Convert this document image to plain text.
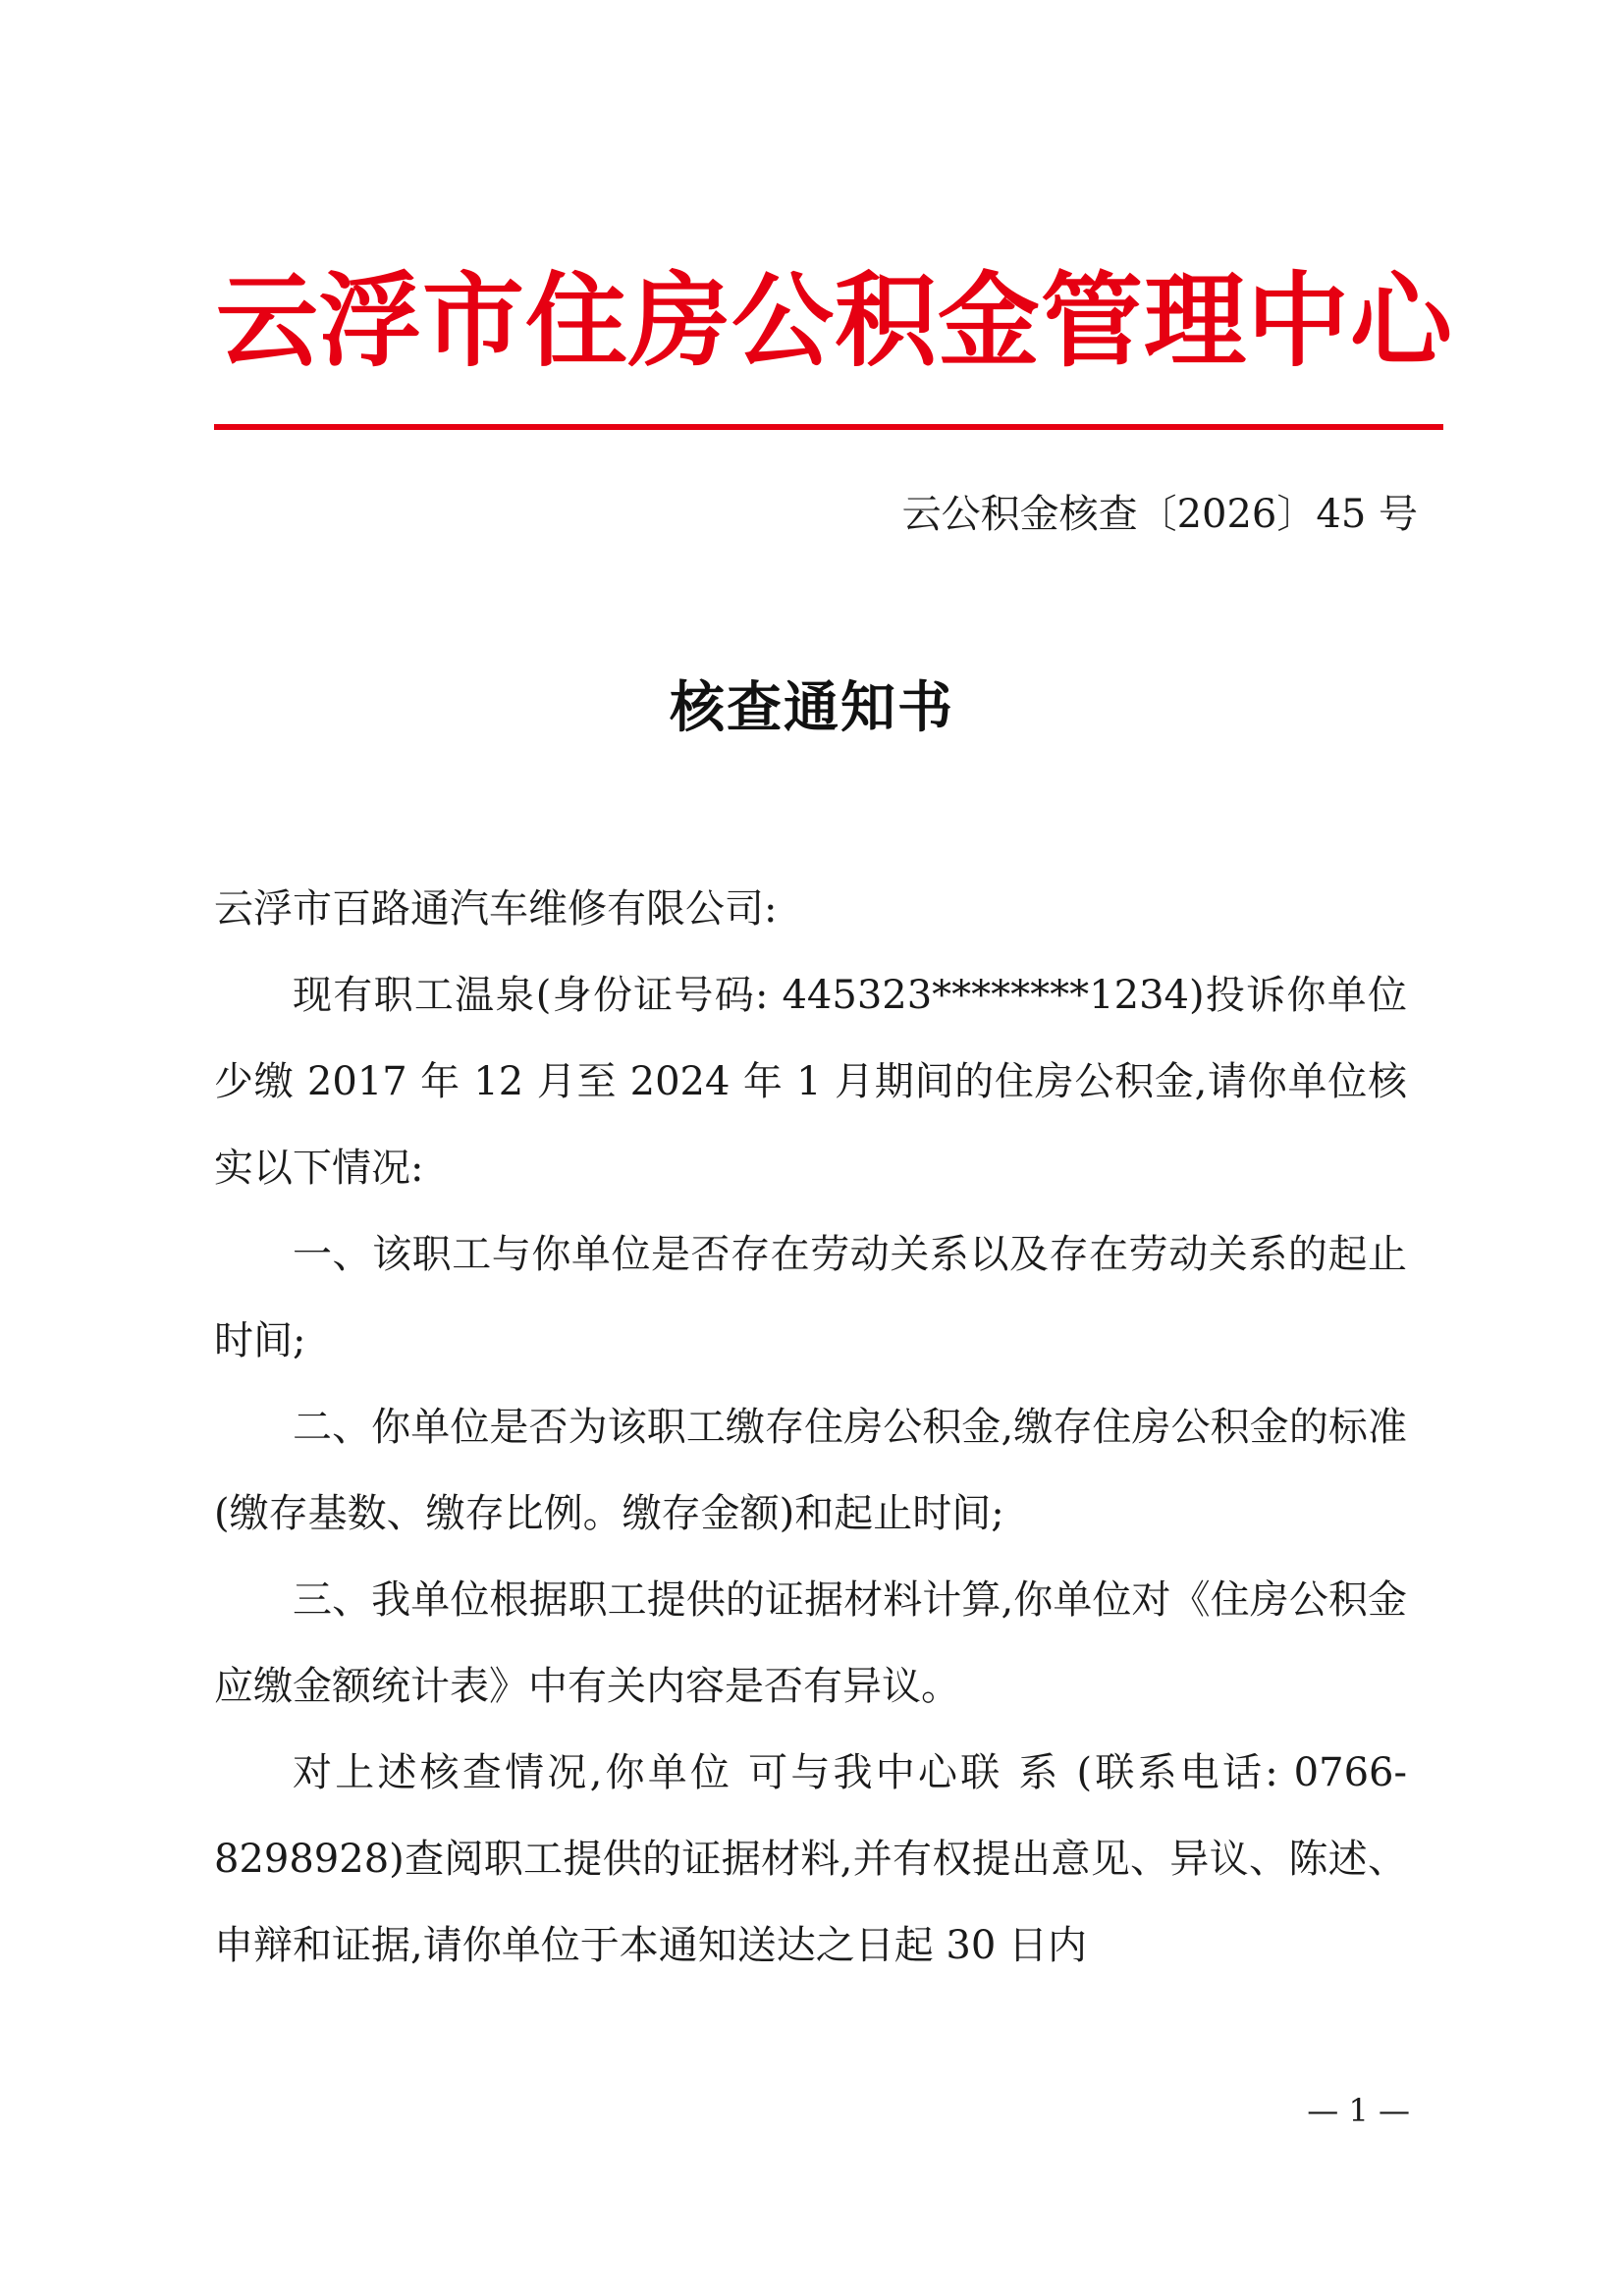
云浮市住房公积金管理中心
云公积金核查〔2026〕45 号
核查通知书

云浮市百路通汽车维修有限公司:

现有职工温泉(身份证号码: 445323********1234)投诉你单位少缴 2017 年 12 月至 2024 年 1 月期间的住房公积金,请你单位核实以下情况:

一、该职工与你单位是否存在劳动关系以及存在劳动关系的起止时间;

二、你单位是否为该职工缴存住房公积金,缴存住房公积金的标准(缴存基数、缴存比例。缴存金额)和起止时间;

三、我单位根据职工提供的证据材料计算,你单位对《住房公积金应缴金额统计表》中有关内容是否有异议。

对上述核查情况,你单位 可与我中心联 系 (联系电话: 0766-8298928)查阅职工提供的证据材料,并有权提出意见、异议、陈述、申辩和证据,请你单位于本通知送达之日起 30 日内

— 1 —
